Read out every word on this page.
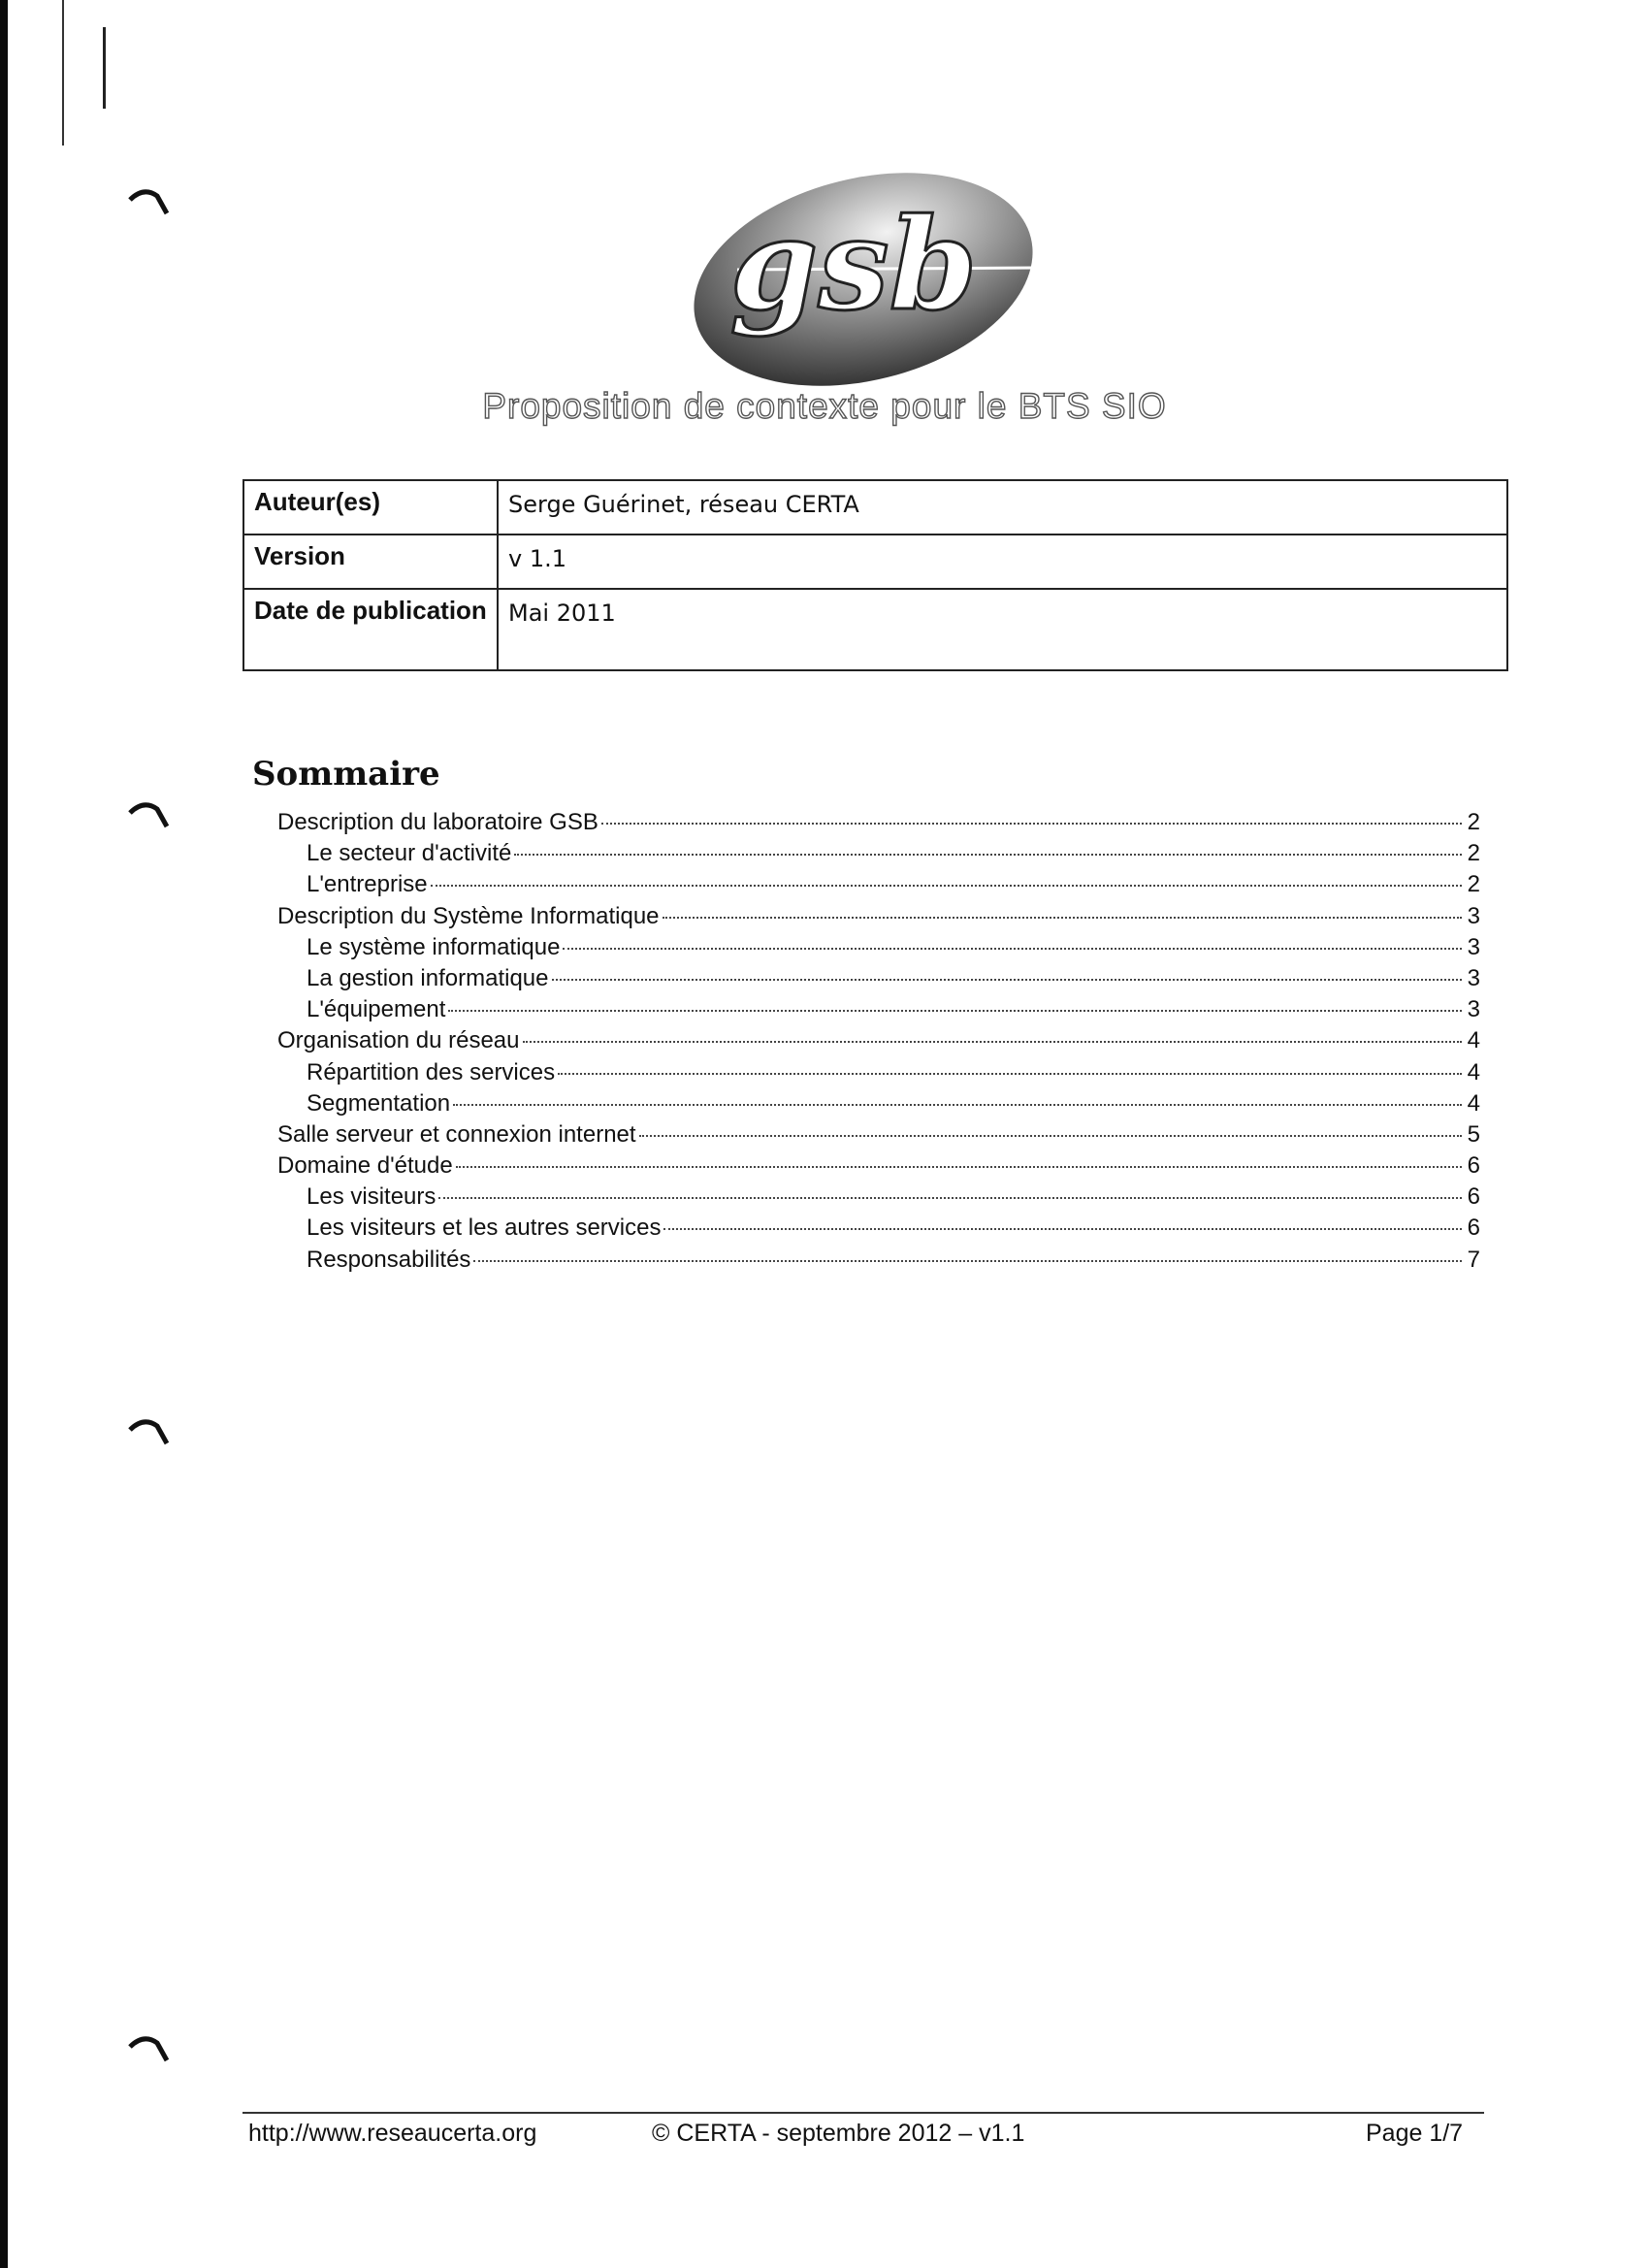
gsb
Proposition de contexte pour le BTS SIO
Auteur(es)	Serge Guérinet, réseau CERTA
Version	v 1.1
Date de publication	Mai 2011
Sommaire
Description du laboratoire GSB	2
Le secteur d'activité	2
L'entreprise	2
Description du Système Informatique	3
Le système informatique	3
La gestion informatique	3
L'équipement	3
Organisation du réseau	4
Répartition des services	4
Segmentation	4
Salle serveur et connexion internet	5
Domaine d'étude	6
Les visiteurs	6
Les visiteurs et les autres services	6
Responsabilités	7
http://www.reseaucerta.org	© CERTA - septembre 2012 – v1.1	Page 1/7
